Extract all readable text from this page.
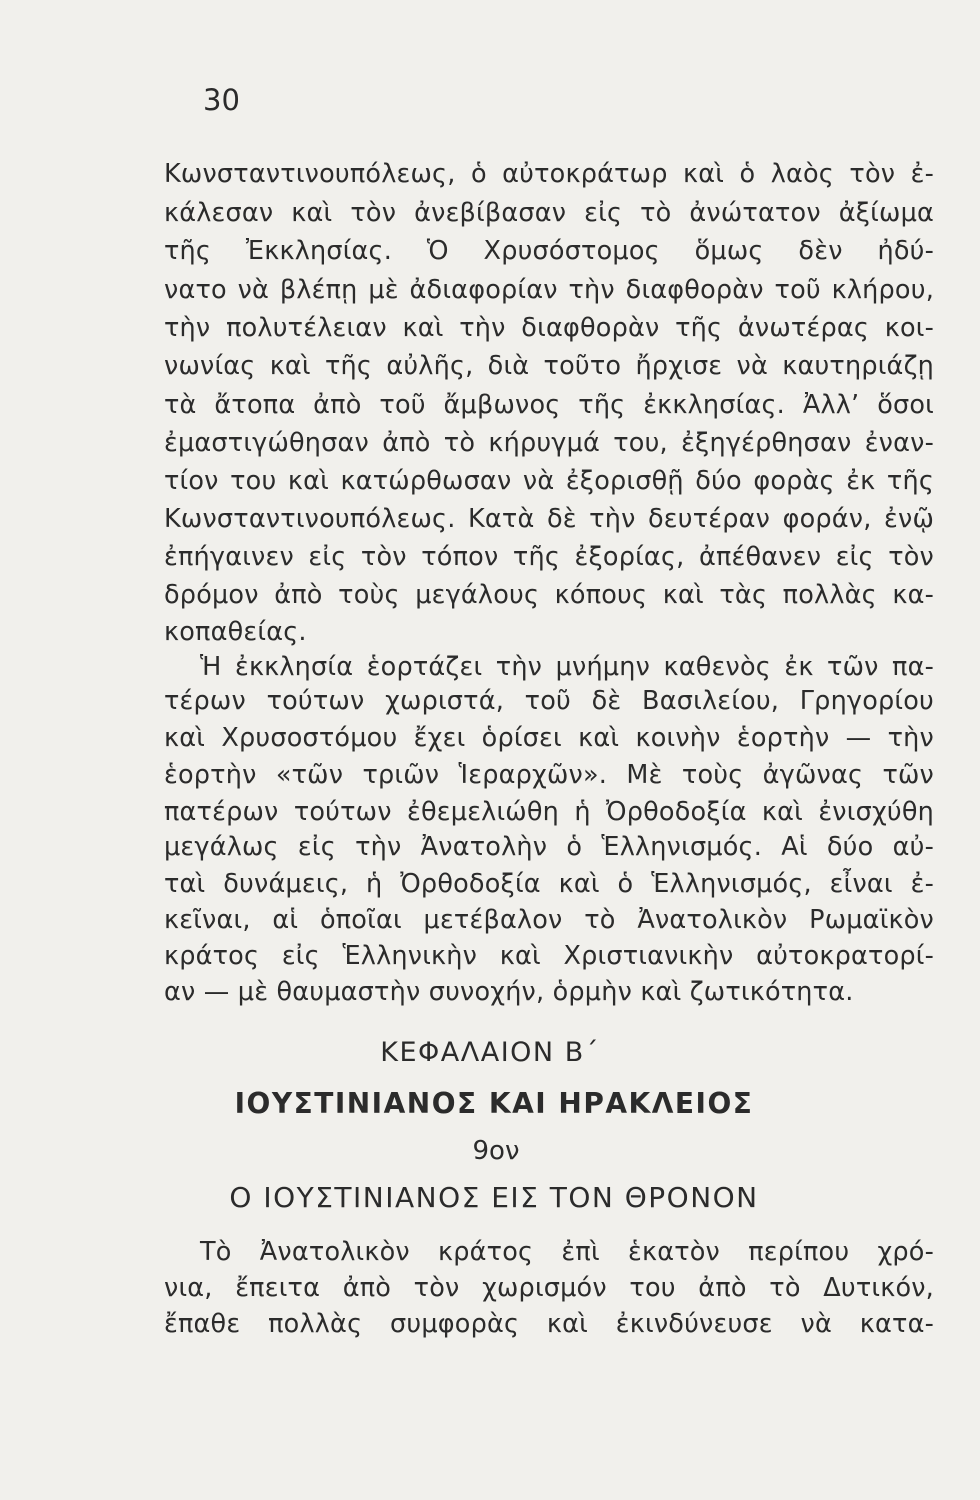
30
Κωνσταντινουπόλεως, ὁ αὐτοκράτωρ καὶ ὁ λαὸς τὸν ἐ-
κάλεσαν καὶ τὸν ἀνεβίβασαν εἰς τὸ ἀνώτατον ἀξίωμα
τῆς Ἐκκλησίας. Ὁ Χρυσόστομος ὅμως δὲν ἠδύ-
νατο νὰ βλέπῃ μὲ ἀδιαφορίαν τὴν διαφθορὰν τοῦ κλήρου,
τὴν πολυτέλειαν καὶ τὴν διαφθορὰν τῆς ἀνωτέρας κοι-
νωνίας καὶ τῆς αὐλῆς, διὰ τοῦτο ἤρχισε νὰ καυτηριάζῃ
τὰ ἄτοπα ἀπὸ τοῦ ἄμβωνος τῆς ἐκκλησίας. Ἀλλ’ ὅσοι
ἐμαστιγώθησαν ἀπὸ τὸ κήρυγμά του, ἐξηγέρθησαν ἐναν-
τίον του καὶ κατώρθωσαν νὰ ἐξορισθῇ δύο φορὰς ἐκ τῆς
Κωνσταντινουπόλεως. Κατὰ δὲ τὴν δευτέραν φοράν, ἐνῷ
ἐπήγαινεν εἰς τὸν τόπον τῆς ἐξορίας, ἀπέθανεν εἰς τὸν
δρόμον ἀπὸ τοὺς μεγάλους κόπους καὶ τὰς πολλὰς κα-
κοπαθείας.
Ἡ ἐκκλησία ἑορτάζει τὴν μνήμην καθενὸς ἐκ τῶν πα-
τέρων τούτων χωριστά, τοῦ δὲ Βασιλείου, Γρηγορίου
καὶ Χρυσοστόμου ἔχει ὁρίσει καὶ κοινὴν ἑορτὴν — τὴν
ἑορτὴν «τῶν τριῶν Ἱεραρχῶν». Μὲ τοὺς ἀγῶνας τῶν
πατέρων τούτων ἐθεμελιώθη ἡ Ὀρθοδοξία καὶ ἐνισχύθη
μεγάλως εἰς τὴν Ἀνατολὴν ὁ Ἑλληνισμός. Αἱ δύο αὐ-
ταὶ δυνάμεις, ἡ Ὀρθοδοξία καὶ ὁ Ἑλληνισμός, εἶναι ἐ-
κεῖναι, αἱ ὁποῖαι μετέβαλον τὸ Ἀνατολικὸν Ρωμαϊκὸν
κράτος εἰς Ἑλληνικὴν καὶ Χριστιανικὴν αὐτοκρατορί-
αν — μὲ θαυμαστὴν συνοχήν, ὁρμὴν καὶ ζωτικότητα.
ΚΕΦΑΛΑΙΟΝ Β΄
ΙΟΥΣΤΙΝΙΑΝΟΣ ΚΑΙ ΗΡΑΚΛΕΙΟΣ
9ον
Ο ΙΟΥΣΤΙΝΙΑΝΟΣ ΕΙΣ ΤΟΝ ΘΡΟΝΟΝ
Τὸ Ἀνατολικὸν κράτος ἐπὶ ἑκατὸν περίπου χρό-
νια, ἔπειτα ἀπὸ τὸν χωρισμόν του ἀπὸ τὸ Δυτικόν,
ἔπαθε πολλὰς συμφορὰς καὶ ἐκινδύνευσε νὰ κατα-
